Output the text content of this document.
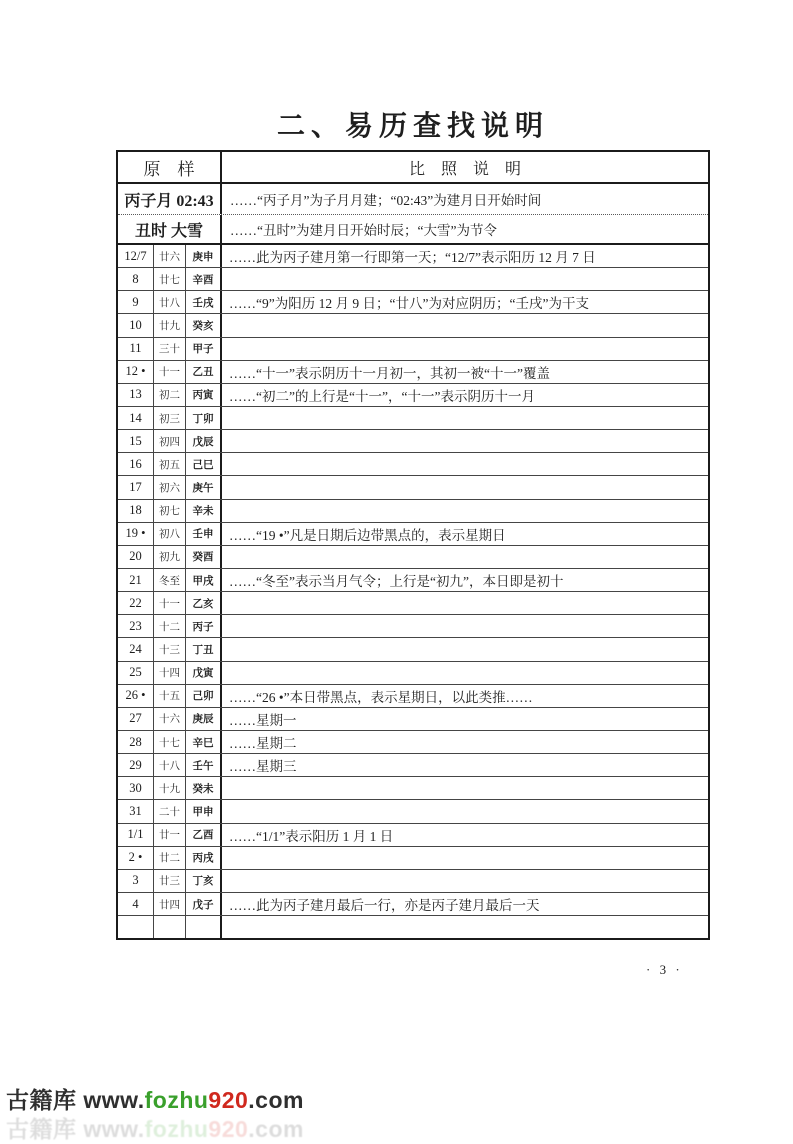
二、易历查找说明
原　样	比　照　说　明
丙子月 02:43	……“丙子月”为子月月建；“02:43”为建月日开始时间
丑时 大雪	……“丑时”为建月日开始时辰；“大雪”为节令
12/7	廿六	庚申	……此为丙子建月第一行即第一天；“12/7”表示阳历 12 月 7 日
8	廿七	辛酉
9	廿八	壬戌	……“9”为阳历 12 月 9 日；“廿八”为对应阴历；“壬戌”为干支
10	廿九	癸亥
11	三十	甲子
12 •	十一	乙丑	……“十一”表示阴历十一月初一，其初一被“十一”覆盖
13	初二	丙寅	……“初二”的上行是“十一”，“十一”表示阴历十一月
14	初三	丁卯
15	初四	戊辰
16	初五	己巳
17	初六	庚午
18	初七	辛未
19 •	初八	壬申	……“19 •”凡是日期后边带黑点的，表示星期日
20	初九	癸酉
21	冬至	甲戌	……“冬至”表示当月气令；上行是“初九”，本日即是初十
22	十一	乙亥
23	十二	丙子
24	十三	丁丑
25	十四	戊寅
26 •	十五	己卯	……“26 •”本日带黑点，表示星期日，以此类推……
27	十六	庚辰	……星期一
28	十七	辛巳	……星期二
29	十八	壬午	……星期三
30	十九	癸未
31	二十	甲申
1/1	廿一	乙酉	……“1/1”表示阳历 1 月 1 日
2 •	廿二	丙戌
3	廿三	丁亥
4	廿四	戊子	……此为丙子建月最后一行，亦是丙子建月最后一天
· 3 ·
古籍库 www.fozhu920.com
古籍库 www.fozhu920.com
